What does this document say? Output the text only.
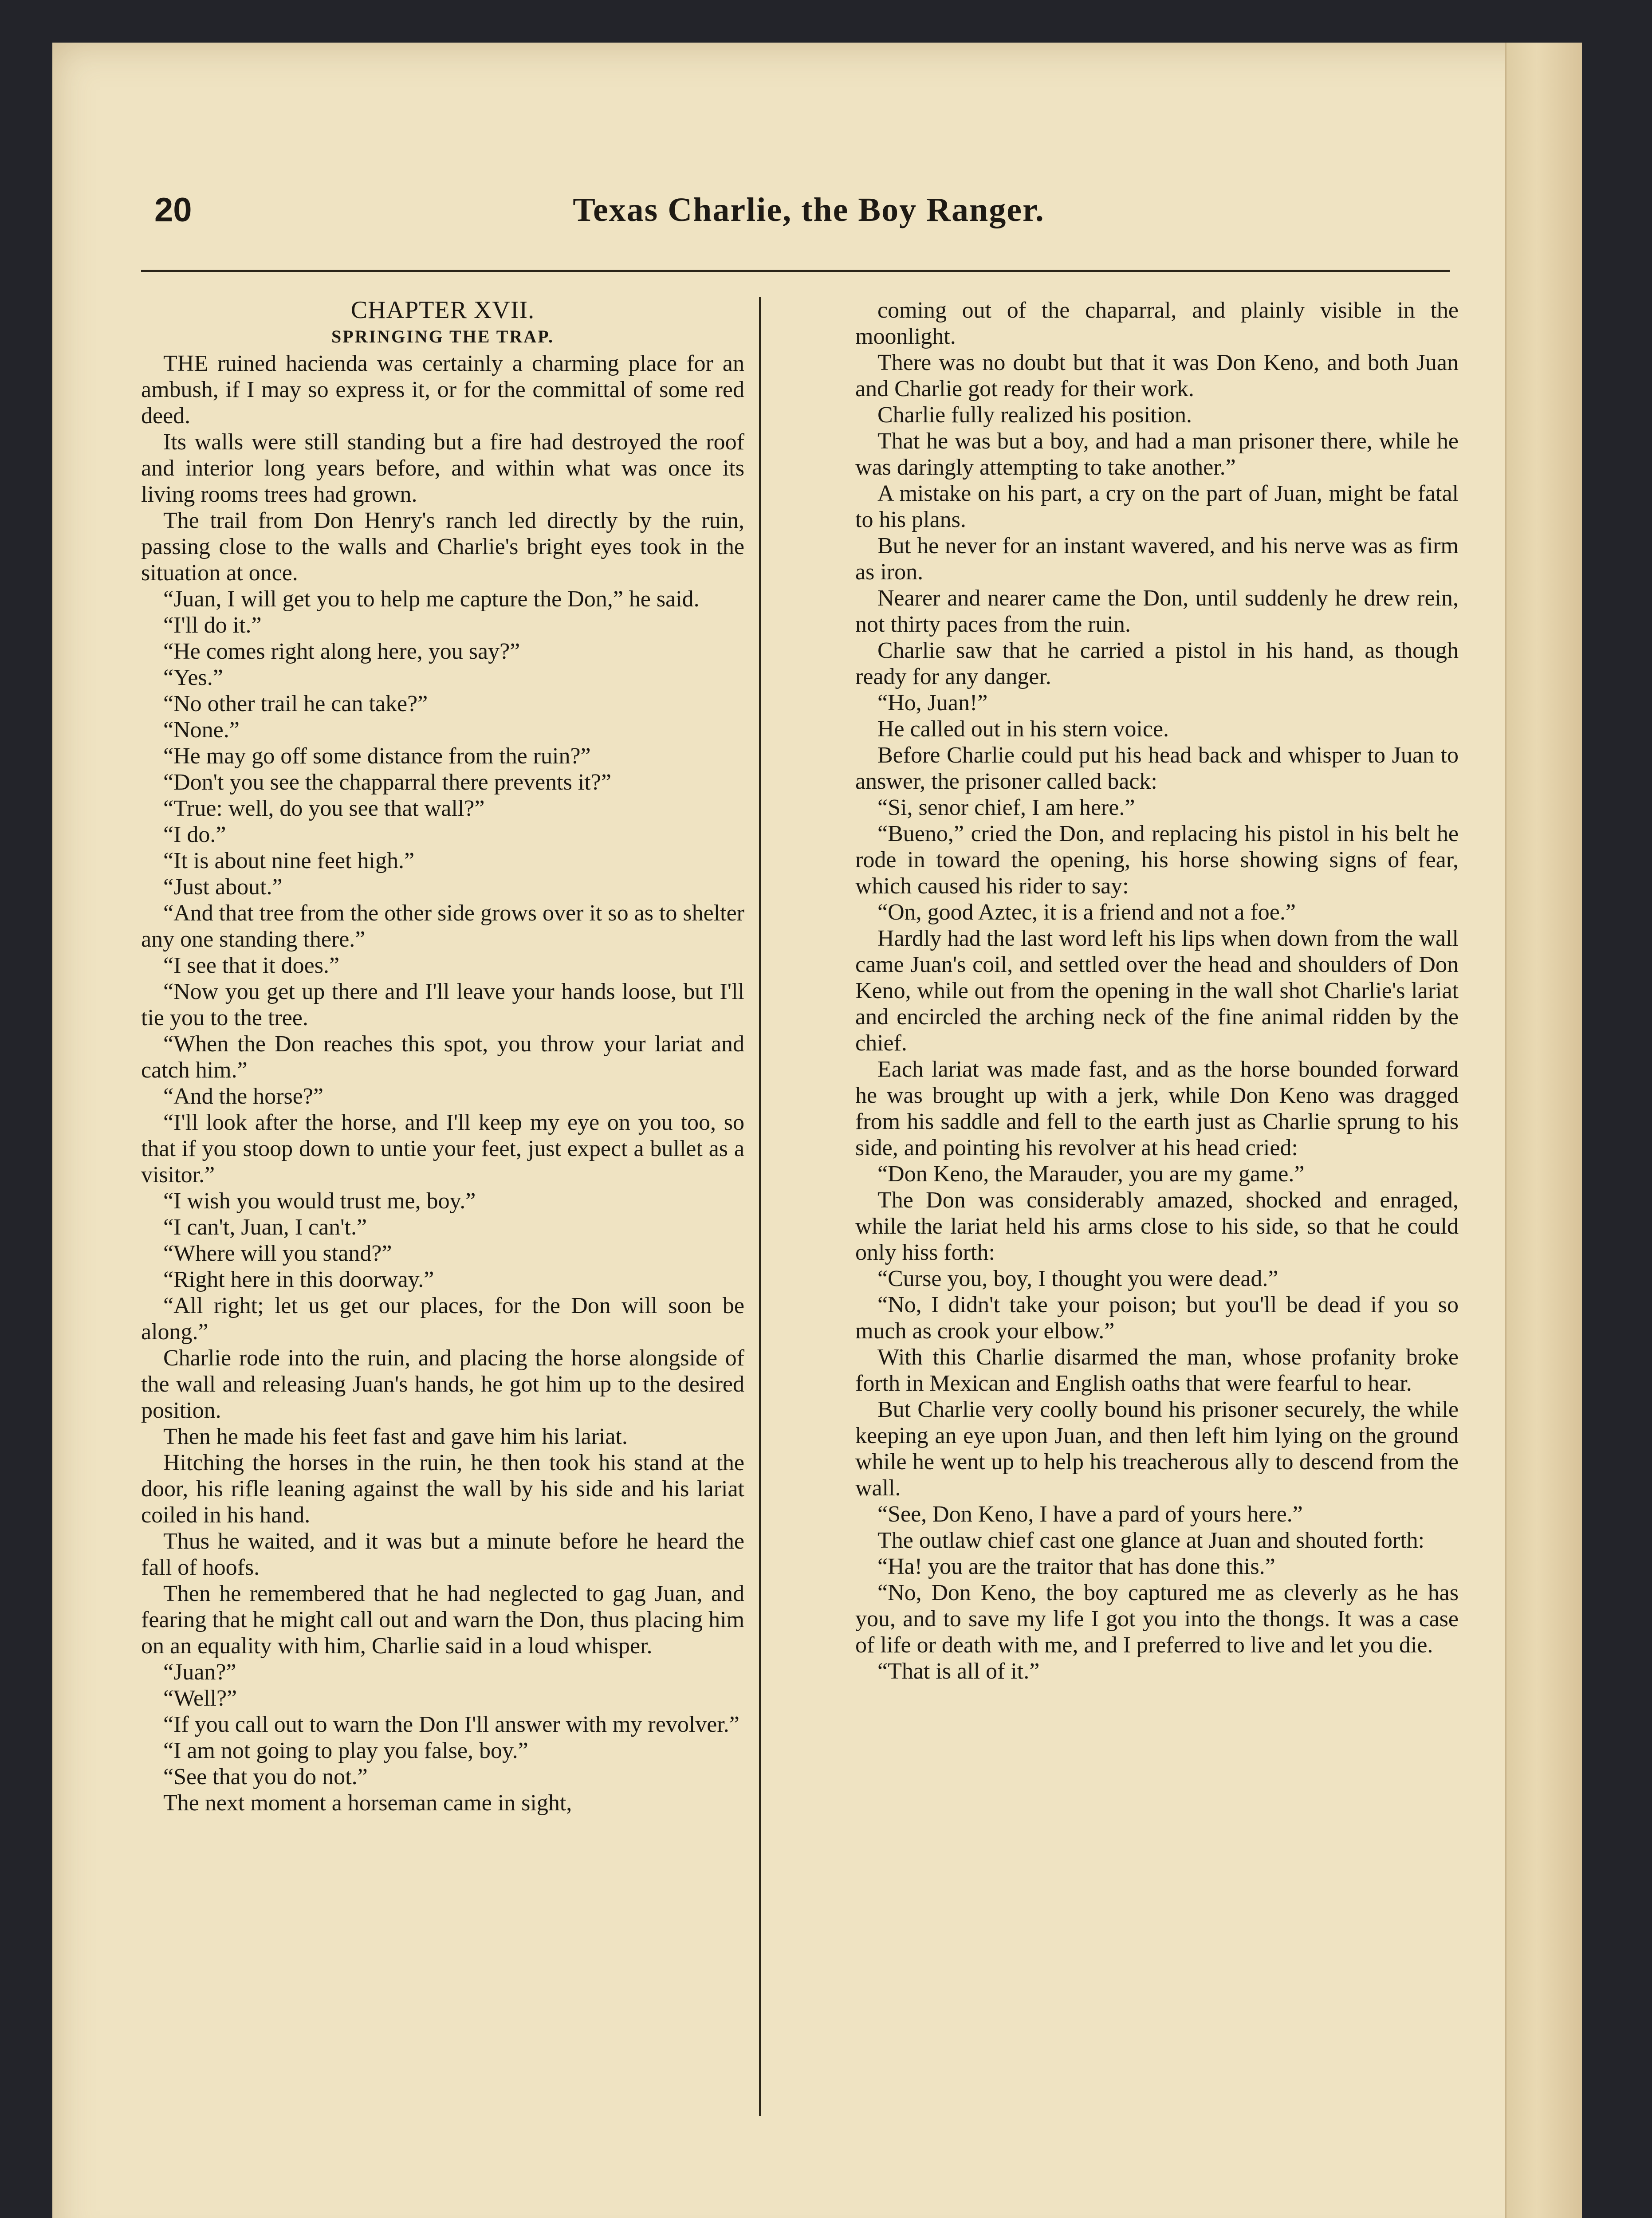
20	Texas Charlie, the Boy Ranger.

CHAPTER XVII.

SPRINGING THE TRAP.

THE ruined hacienda was certainly a charming place for an ambush, if I may so express it, or for the committal of some red deed.

Its walls were still standing but a fire had destroyed the roof and interior long years before, and within what was once its living rooms trees had grown.

The trail from Don Henry's ranch led directly by the ruin, passing close to the walls and Charlie's bright eyes took in the situation at once.

“Juan, I will get you to help me capture the Don,” he said.

“I'll do it.”

“He comes right along here, you say?”

“Yes.”

“No other trail he can take?”

“None.”

“He may go off some distance from the ruin?”

“Don't you see the chapparral there prevents it?”

“True: well, do you see that wall?”

“I do.”

“It is about nine feet high.”

“Just about.”

“And that tree from the other side grows over it so as to shelter any one standing there.”

“I see that it does.”

“Now you get up there and I'll leave your hands loose, but I'll tie you to the tree.

“When the Don reaches this spot, you throw your lariat and catch him.”

“And the horse?”

“I'll look after the horse, and I'll keep my eye on you too, so that if you stoop down to untie your feet, just expect a bullet as a visitor.”

“I wish you would trust me, boy.”

“I can't, Juan, I can't.”

“Where will you stand?”

“Right here in this doorway.”

“All right; let us get our places, for the Don will soon be along.”

Charlie rode into the ruin, and placing the horse alongside of the wall and releasing Juan's hands, he got him up to the desired position.

Then he made his feet fast and gave him his lariat.

Hitching the horses in the ruin, he then took his stand at the door, his rifle leaning against the wall by his side and his lariat coiled in his hand.

Thus he waited, and it was but a minute before he heard the fall of hoofs.

Then he remembered that he had neglected to gag Juan, and fearing that he might call out and warn the Don, thus placing him on an equality with him, Charlie said in a loud whisper.

“Juan?”

“Well?”

“If you call out to warn the Don I'll answer with my revolver.”

“I am not going to play you false, boy.”

“See that you do not.”

The next moment a horseman came in sight,

coming out of the chaparral, and plainly visible in the moonlight.

There was no doubt but that it was Don Keno, and both Juan and Charlie got ready for their work.

Charlie fully realized his position.

That he was but a boy, and had a man prisoner there, while he was daringly attempting to take another.”

A mistake on his part, a cry on the part of Juan, might be fatal to his plans.

But he never for an instant wavered, and his nerve was as firm as iron.

Nearer and nearer came the Don, until suddenly he drew rein, not thirty paces from the ruin.

Charlie saw that he carried a pistol in his hand, as though ready for any danger.

“Ho, Juan!”

He called out in his stern voice.

Before Charlie could put his head back and whisper to Juan to answer, the prisoner called back:

“Si, senor chief, I am here.”

“Bueno,” cried the Don, and replacing his pistol in his belt he rode in toward the opening, his horse showing signs of fear, which caused his rider to say:

“On, good Aztec, it is a friend and not a foe.”

Hardly had the last word left his lips when down from the wall came Juan's coil, and settled over the head and shoulders of Don Keno, while out from the opening in the wall shot Charlie's lariat and encircled the arching neck of the fine animal ridden by the chief.

Each lariat was made fast, and as the horse bounded forward he was brought up with a jerk, while Don Keno was dragged from his saddle and fell to the earth just as Charlie sprung to his side, and pointing his revolver at his head cried:

“Don Keno, the Marauder, you are my game.”

The Don was considerably amazed, shocked and enraged, while the lariat held his arms close to his side, so that he could only hiss forth:

“Curse you, boy, I thought you were dead.”

“No, I didn't take your poison; but you'll be dead if you so much as crook your elbow.”

With this Charlie disarmed the man, whose profanity broke forth in Mexican and English oaths that were fearful to hear.

But Charlie very coolly bound his prisoner securely, the while keeping an eye upon Juan, and then left him lying on the ground while he went up to help his treacherous ally to descend from the wall.

“See, Don Keno, I have a pard of yours here.”

The outlaw chief cast one glance at Juan and shouted forth:

“Ha! you are the traitor that has done this.”

“No, Don Keno, the boy captured me as cleverly as he has you, and to save my life I got you into the thongs. It was a case of life or death with me, and I preferred to live and let you die.

“That is all of it.”
